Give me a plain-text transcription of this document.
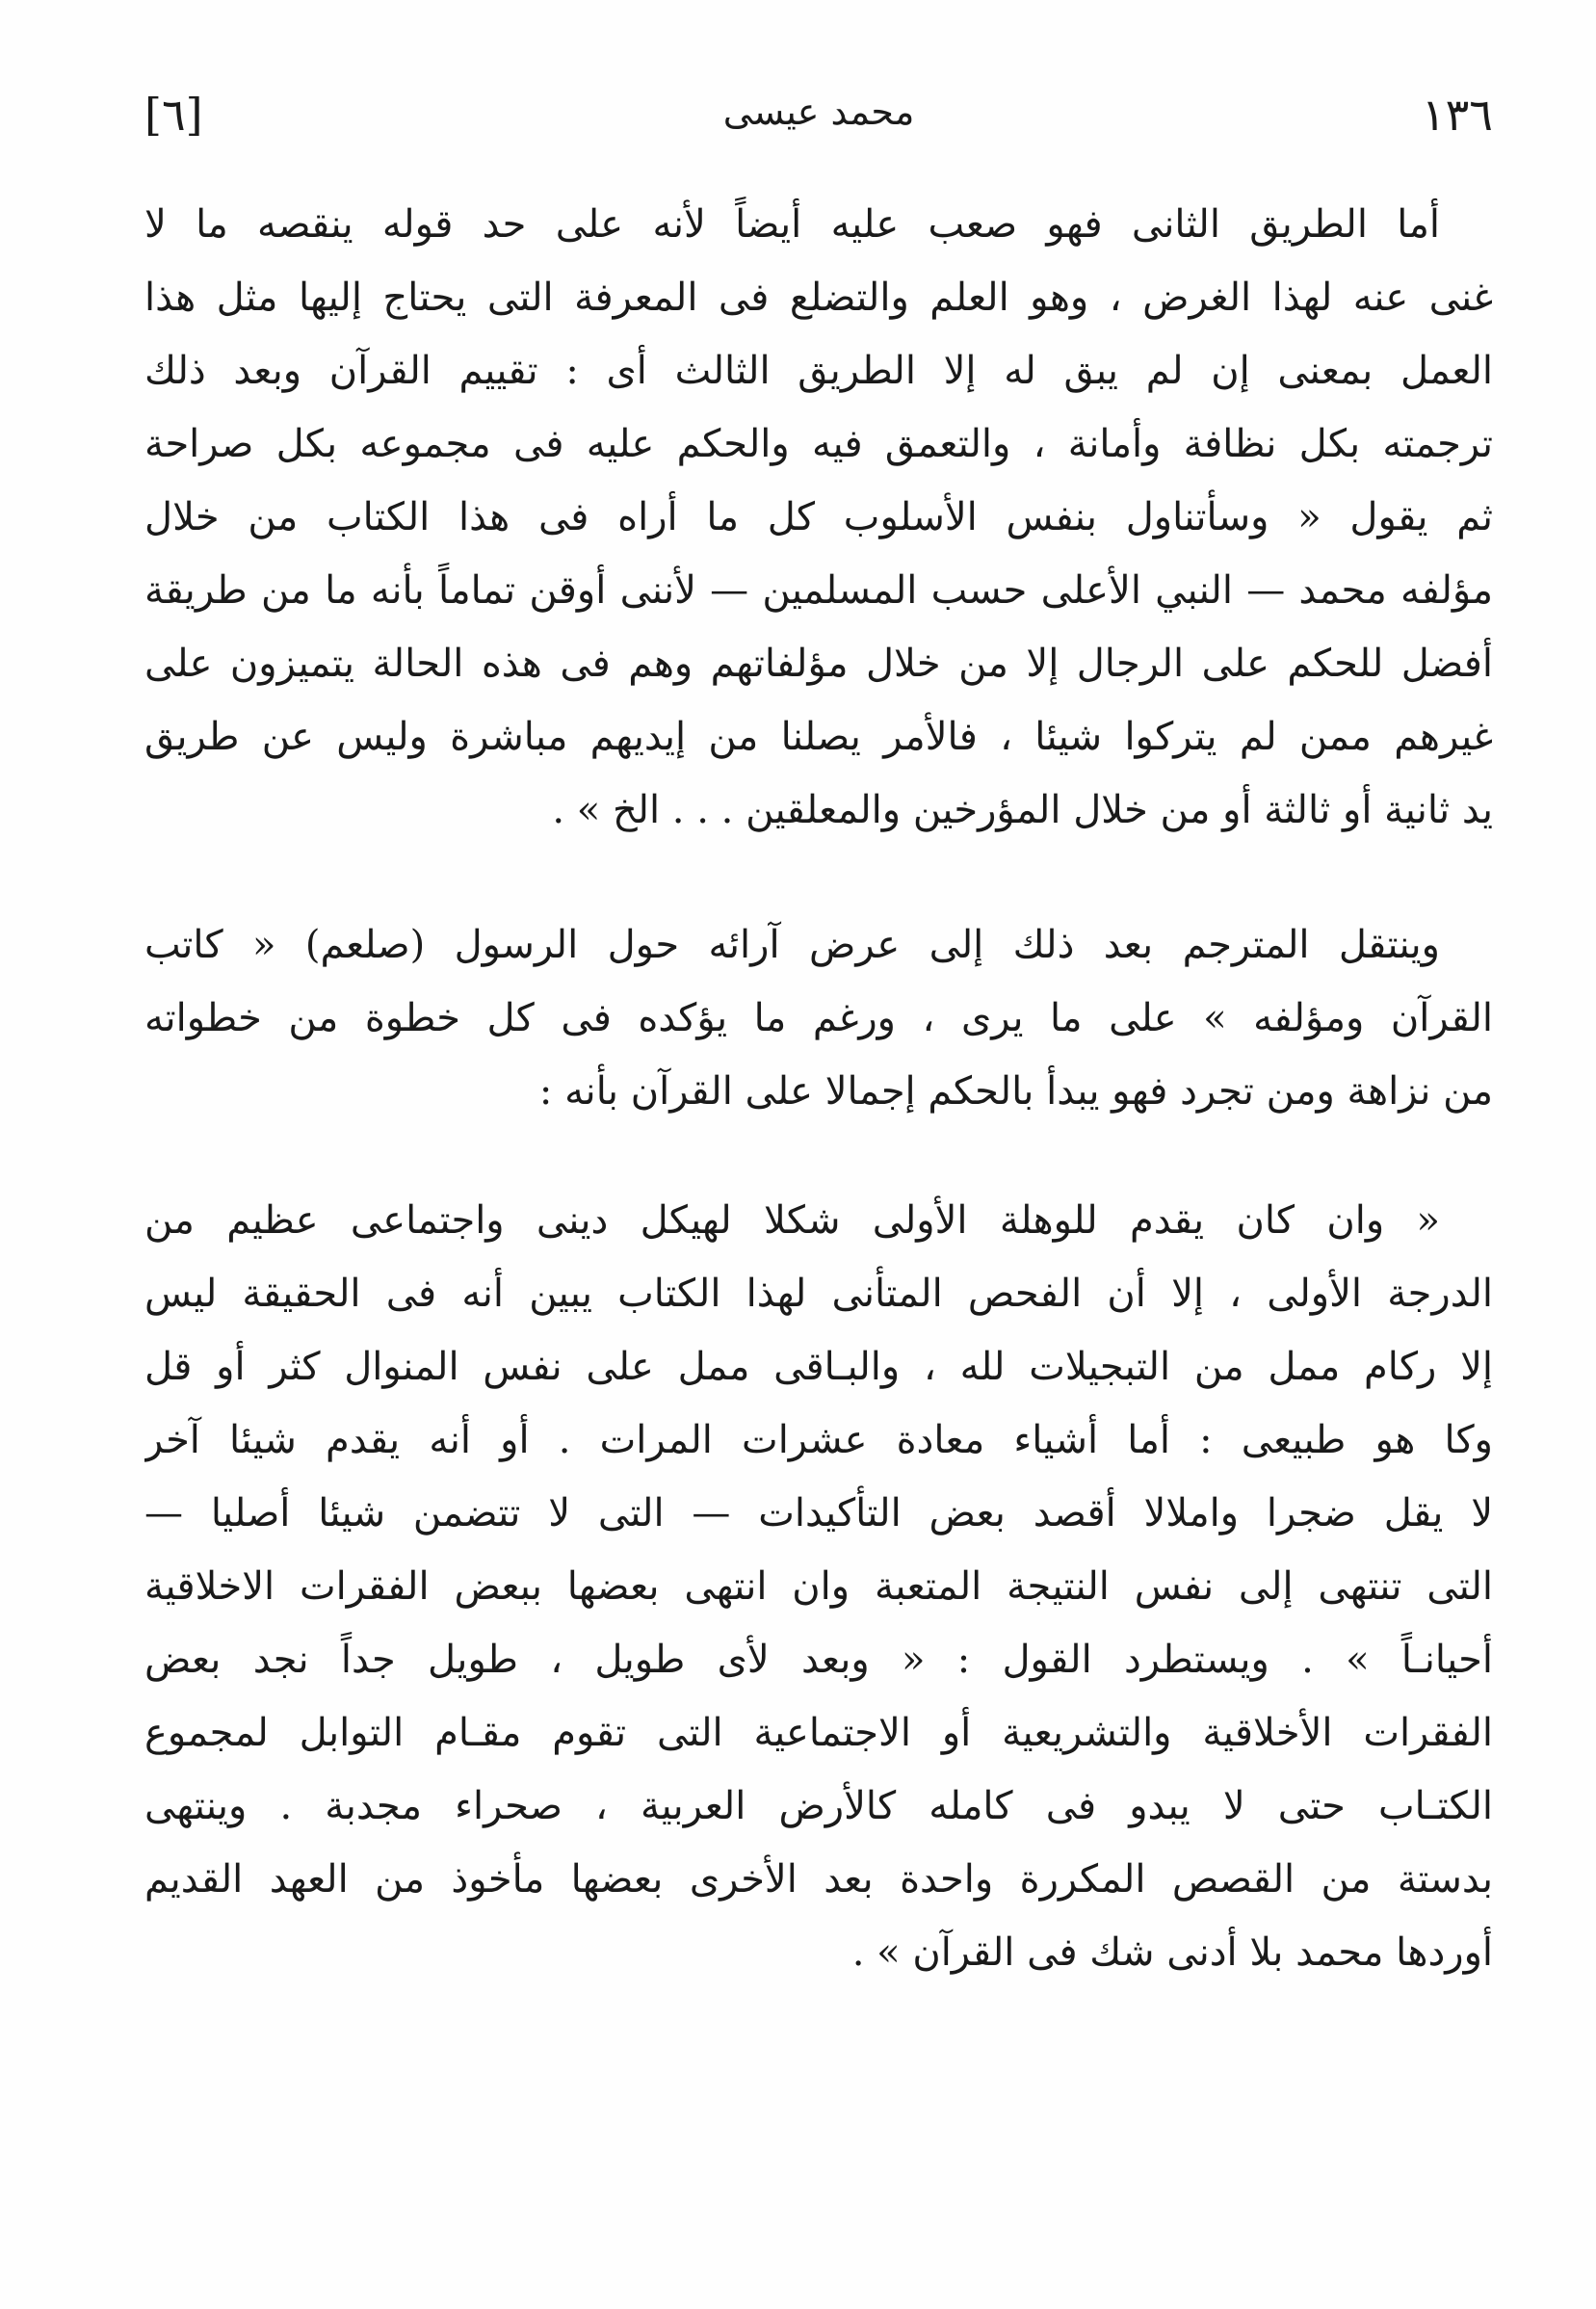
١٣٦
محمد عيسى
[٦]
أما الطريق الثانى فهو صعب عليه أيضاً لأنه على حد قوله ينقصه ما لا
غنى عنه لهذا الغرض ، وهو العلم والتضلع فى المعرفة التى يحتاج إليها مثل هذا
العمل بمعنى إن لم يبق له إلا الطريق الثالث أى : تقييم القرآن وبعد ذلك
ترجمته بكل نظافة وأمانة ، والتعمق فيه والحكم عليه فى مجموعه بكل صراحة
ثم يقول « وسأتناول بنفس الأسلوب كل ما أراه فى هذا الكتاب من خلال
مؤلفه محمد — النبي الأعلى حسب المسلمين — لأننى أوقن تماماً بأنه ما من طريقة
أفضل للحكم على الرجال إلا من خلال مؤلفاتهم وهم فى هذه الحالة يتميزون على
غيرهم ممن لم يتركوا شيئا ، فالأمر يصلنا من إيديهم مباشرة وليس عن طريق
يد ثانية أو ثالثة أو من خلال المؤرخين والمعلقين . . . الخ » .
وينتقل المترجم بعد ذلك إلى عرض آرائه حول الرسول (صلعم) « كاتب
القرآن ومؤلفه » على ما يرى ، ورغم ما يؤكده فى كل خطوة من خطواته
من نزاهة ومن تجرد فهو يبدأ بالحكم إجمالا على القرآن بأنه :
« وان كان يقدم للوهلة الأولى شكلا لهيكل دينى واجتماعى عظيم من
الدرجة الأولى ، إلا أن الفحص المتأنى لهذا الكتاب يبين أنه فى الحقيقة ليس
إلا ركام ممل من التبجيلات لله ، والبـاقى ممل على نفس المنوال كثر أو قل
وكا هو طبيعى : أما أشياء معادة عشرات المرات . أو أنه يقدم شيئا آخر
لا يقل ضجرا واملالا أقصد بعض التأكيدات — التى لا تتضمن شيئا أصليا —
التى تنتهى إلى نفس النتيجة المتعبة وان انتهى بعضها ببعض الفقرات الاخلاقية
أحيانـاً » . ويستطرد القول : « وبعد لأى طويل ، طويل جداً نجد بعض
الفقرات الأخلاقية والتشريعية أو الاجتماعية التى تقوم مقـام التوابل لمجموع
الكتـاب حتى لا يبدو فى كامله كالأرض العربية ، صحراء مجدبة . وينتهى
بدستة من القصص المكررة واحدة بعد الأخرى بعضها مأخوذ من العهد القديم
أوردها محمد بلا أدنى شك فى القرآن » .
